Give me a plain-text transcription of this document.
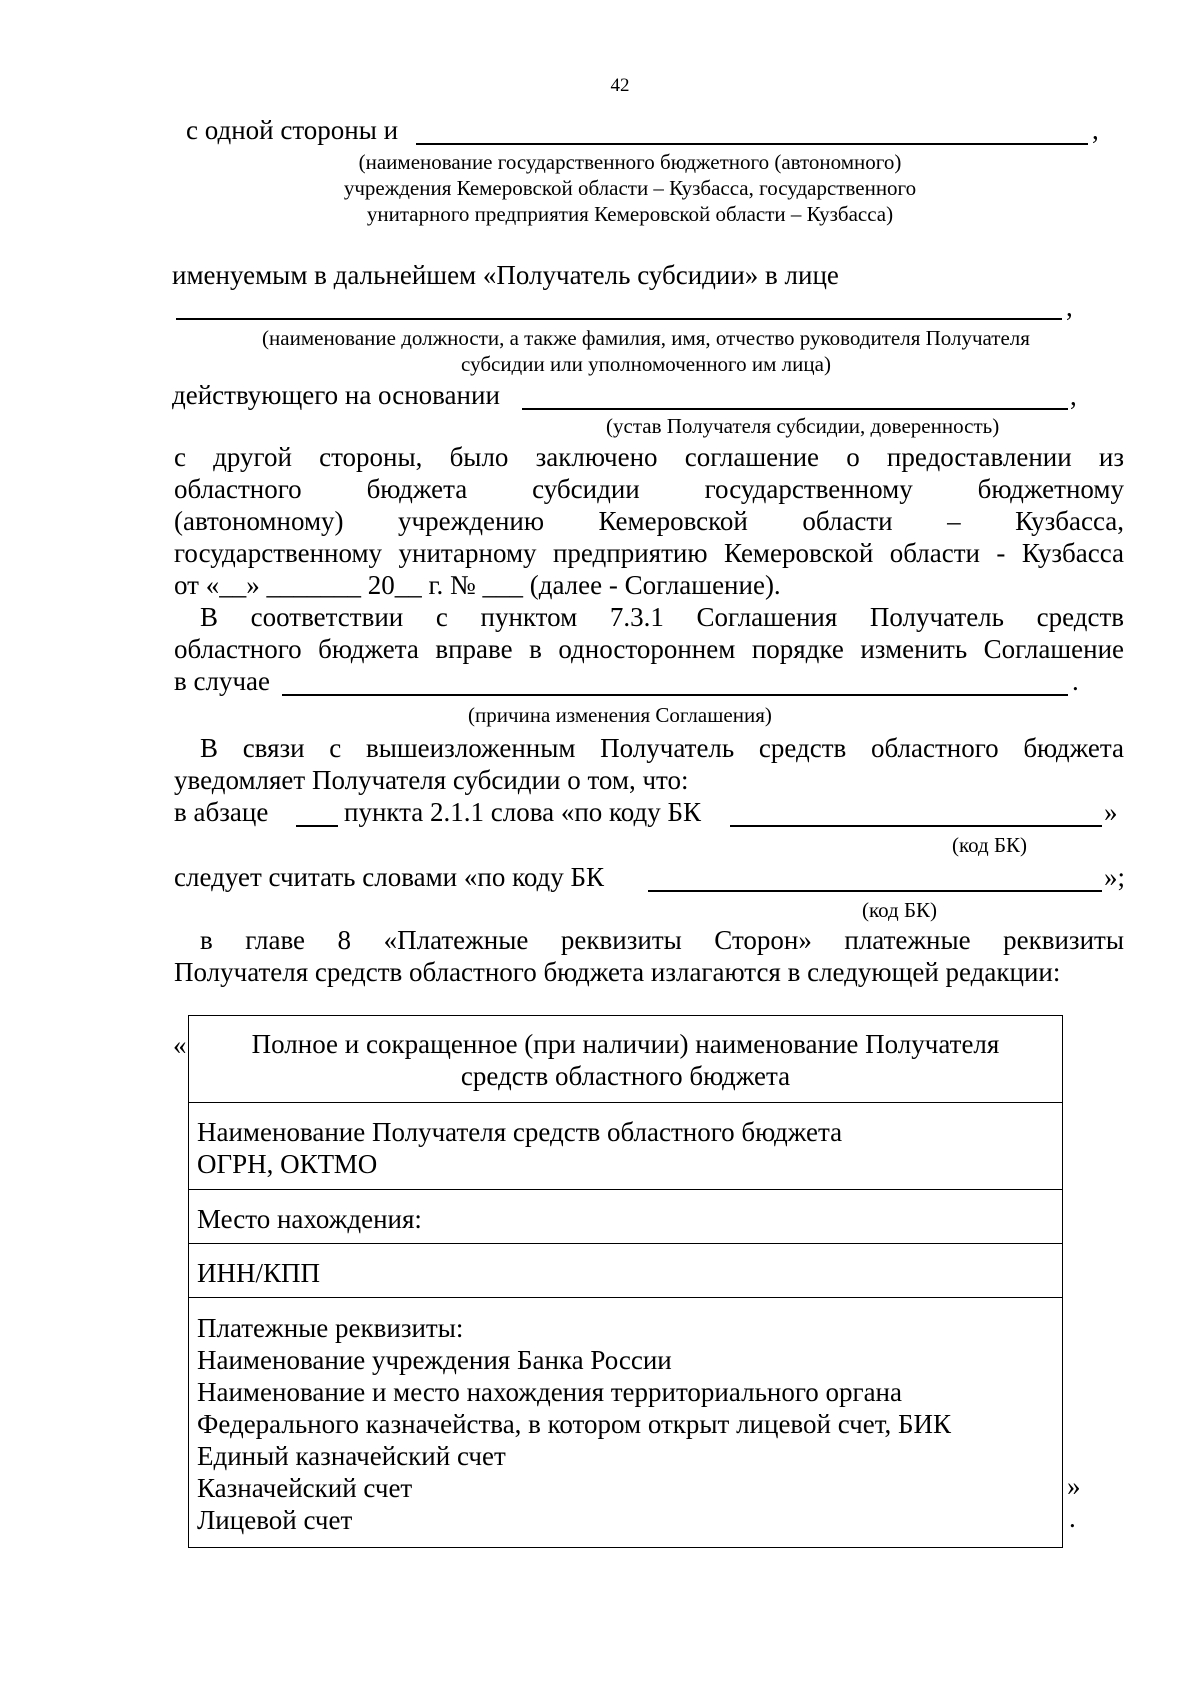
42
с одной стороны и	,
(наименование государственного бюджетного (автономного)
учреждения Кемеровской области – Кузбасса, государственного
унитарного предприятия Кемеровской области – Кузбасса)
именуемым в дальнейшем «Получатель субсидии» в лице
,
(наименование должности, а также фамилия, имя, отчество руководителя Получателя
субсидии или уполномоченного им лица)
действующего на основании	,
(устав Получателя субсидии, доверенность)
с другой стороны, было заключено соглашение о предоставлении из
областного бюджета субсидии государственному бюджетному
(автономному) учреждению Кемеровской области – Кузбасса,
государственному унитарному предприятию Кемеровской области - Кузбасса
от «__» _______ 20__ г. № ___ (далее - Соглашение).
В соответствии с пунктом 7.3.1 Соглашения Получатель средств
областного бюджета вправе в одностороннем порядке изменить Соглашение
в случае	.
(причина изменения Соглашения)
В связи с вышеизложенным Получатель средств областного бюджета
уведомляет Получателя субсидии о том, что:
в абзаце	пункта 2.1.1 слова «по коду БК	»
(код БК)
следует считать словами «по коду БК	»;
(код БК)
в главе 8 «Платежные реквизиты Сторон» платежные реквизиты
Получателя средств областного бюджета излагаются в следующей редакции:
«	Полное и сокращенное (при наличии) наименование Получателя
средств областного бюджета
Наименование Получателя средств областного бюджета
ОГРН, ОКТМО
Место нахождения:
ИНН/КПП
Платежные реквизиты:
Наименование учреждения Банка России
Наименование и место нахождения территориального органа
Федерального казначейства, в котором открыт лицевой счет, БИК
Единый казначейский счет
Казначейский счет
Лицевой счет
»
.
